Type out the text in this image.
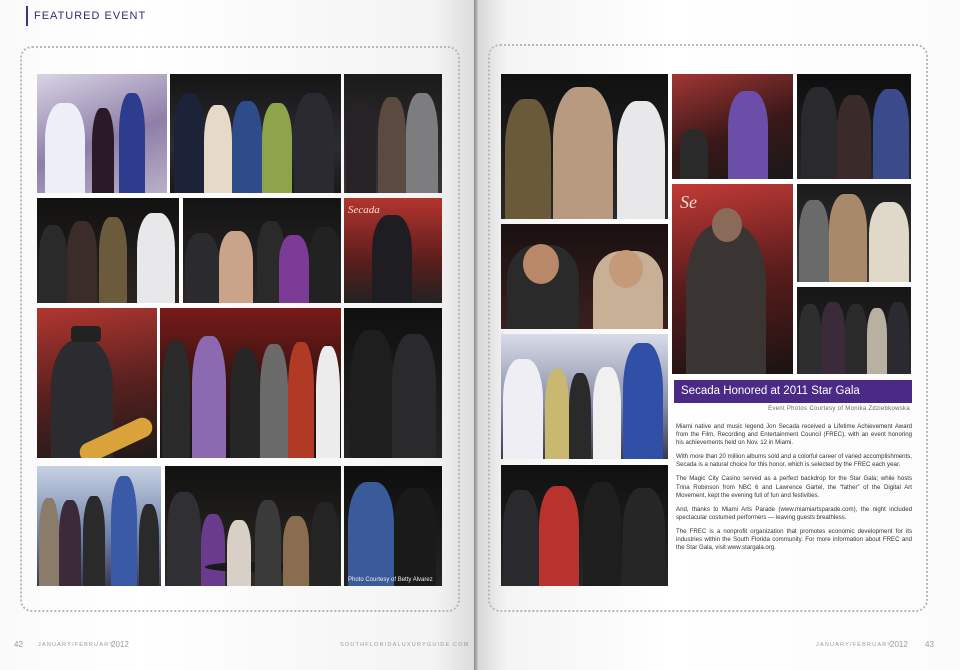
FEATURED EVENT
Secada
Photo Courtesy of Betty Alvarez
42	JANUARY/FEBRUARY
2012	SOUTHFLORIDALUXURYGUIDE.COM
Se
Secada Honored at 2011 Star Gala
Event Photos Courtesy of Monika Zdziebkowska

Miami native and music legend Jon Secada received a Lifetime Achievement Award from the Film, Recording and Entertainment Council (FREC), with an event honoring his achievements held on Nov. 12 in Miami.

With more than 20 million albums sold and a colorful career of varied accomplishments, Secada is a natural choice for this honor, which is selected by the FREC each year.

The Magic City Casino served as a perfect backdrop for the Star Gala; while hosts Trina Robinson from NBC 6 and Lawrence Gartel, the “father” of the Digital Art Movement, kept the evening full of fun and festivities.

And, thanks to Miami Arts Parade (www.miamiartsparade.com), the night included spectacular costumed performers — leaving guests breathless.

The FREC is a nonprofit organization that promotes economic development for its industries within the South Florida community. For more information about FREC and the Star Gala, visit www.stargala.org.

JANUARY/FEBRUARY
2012 43
